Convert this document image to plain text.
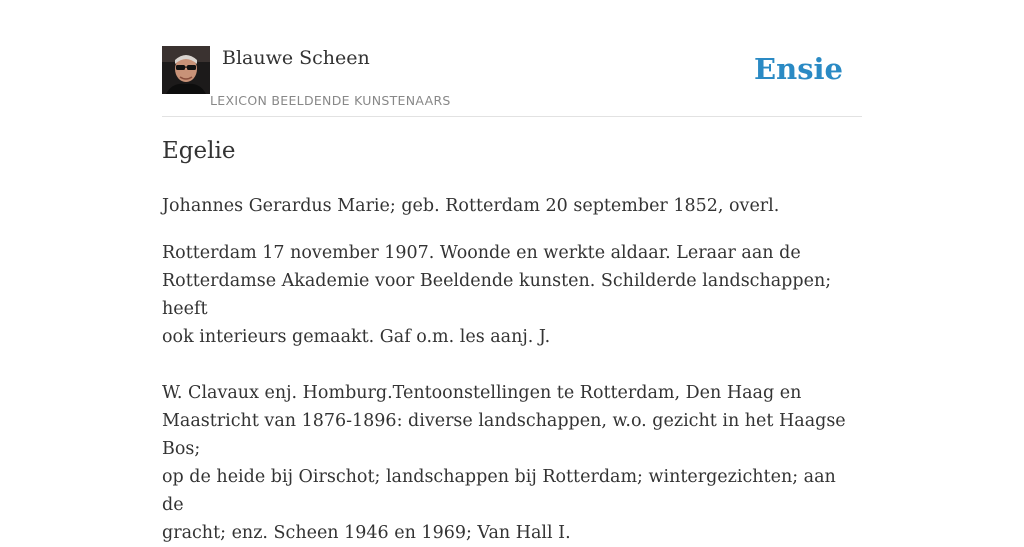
Blauwe Scheen
LEXICON BEELDENDE KUNSTENAARS
Ensie
Egelie

Johannes Gerardus Marie; geb. Rotterdam 20 september 1852, overl.

Rotterdam 17 november 1907. Woonde en werkte aldaar. Leraar aan de
Rotterdamse Akademie voor Beeldende kunsten. Schilderde landschappen; heeft
ook interieurs gemaakt. Gaf o.m. les aanj. J.

W. Clavaux enj. Homburg.Tentoonstellingen te Rotterdam, Den Haag en
Maastricht van 1876-1896: diverse landschappen, w.o. gezicht in het Haagse Bos;
op de heide bij Oirschot; landschappen bij Rotterdam; wintergezichten; aan de
gracht; enz. Scheen 1946 en 1969; Van Hall I.
